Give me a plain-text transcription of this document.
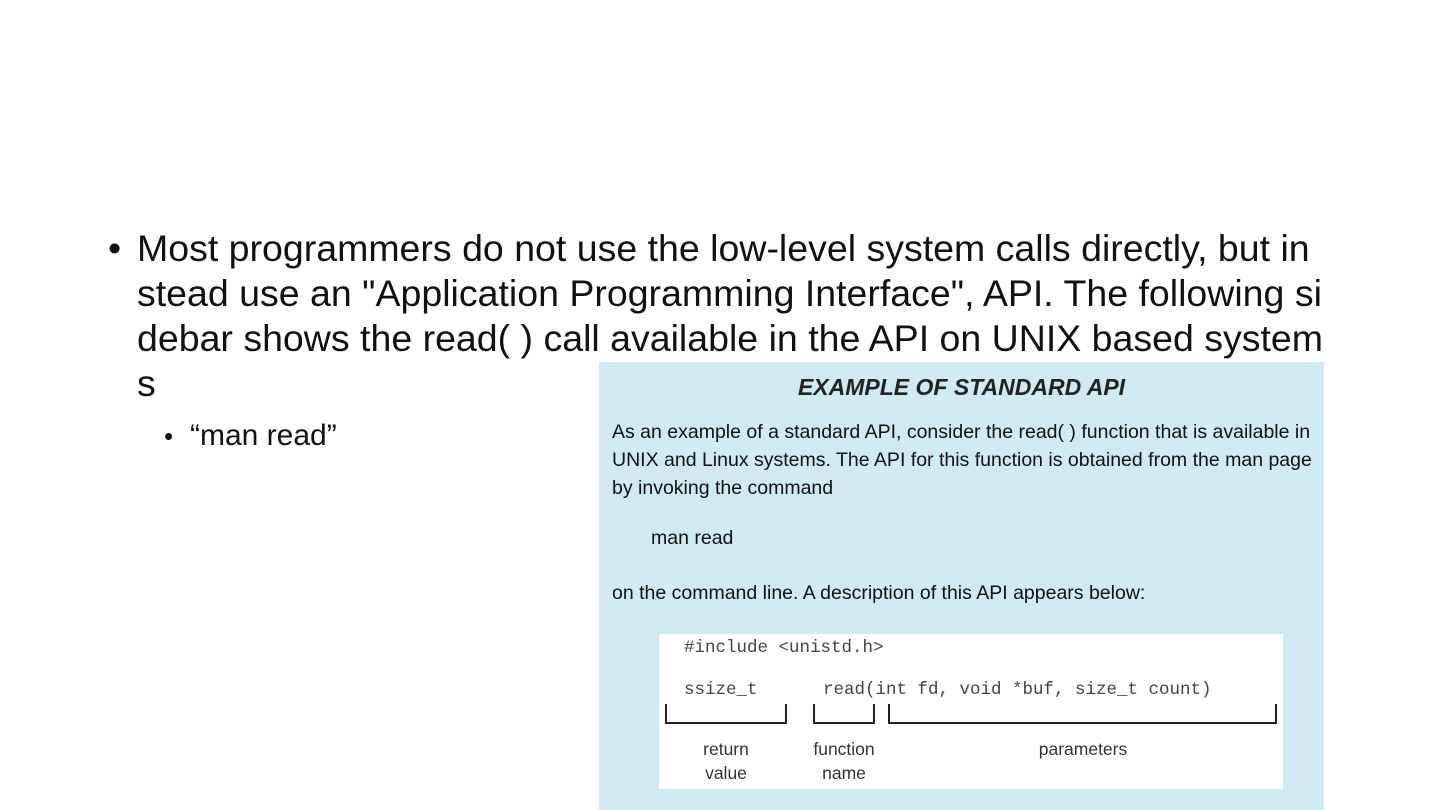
• Most programmers do not use the low-level system calls directly, but instead use an "Application Programming Interface", API. The following sidebar shows the read( ) call available in the API on UNIX based systems
• “man read”
EXAMPLE OF STANDARD API
As an example of a standard API, consider the read( ) function that is available in UNIX and Linux systems. The API for this function is obtained from the man page by invoking the command
man read
on the command line. A description of this API appears below:
#include <unistd.h>
ssize_t	read(int fd, void *buf, size_t count)
return value
function name
parameters
